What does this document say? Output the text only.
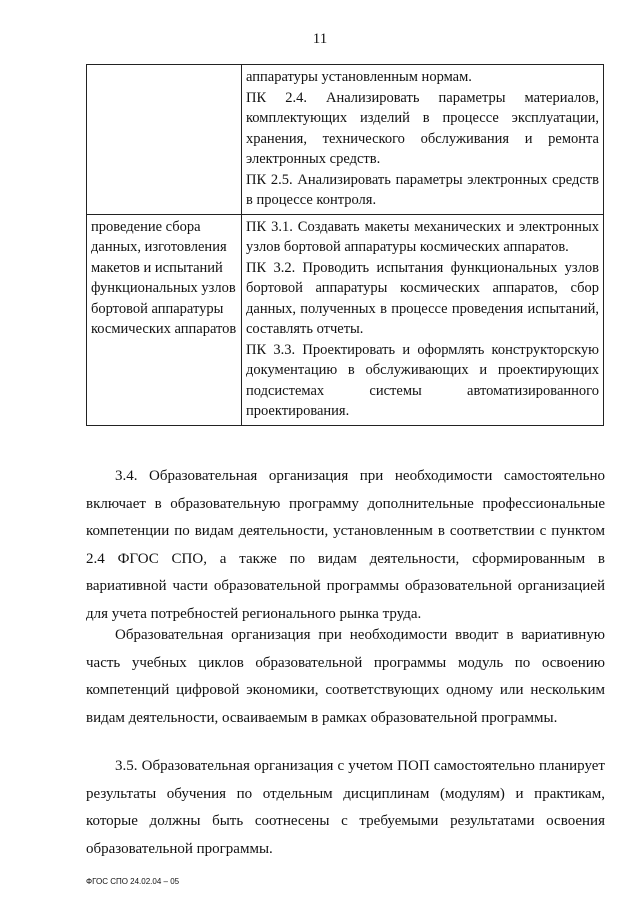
11

	аппаратуры установленным нормам.
ПК 2.4. Анализировать параметры материалов, комплектующих изделий в процессе эксплуатации, хранения, технического обслуживания и ремонта электронных средств.
ПК 2.5. Анализировать параметры электронных средств в процессе контроля.

проведение сбора данных, изготовления макетов и испытаний функциональных узлов бортовой аппаратуры космических аппаратов	ПК 3.1. Создавать макеты механических и электронных узлов бортовой аппаратуры космических аппаратов.
ПК 3.2. Проводить испытания функциональных узлов бортовой аппаратуры космических аппаратов, сбор данных, полученных в процессе проведения испытаний, составлять отчеты.
ПК 3.3. Проектировать и оформлять конструкторскую документацию в обслуживающих и проектирующих подсистемах системы автоматизированного проектирования.

3.4. Образовательная организация при необходимости самостоятельно включает в образовательную программу дополнительные профессиональные компетенции по видам деятельности, установленным в соответствии с пунктом 2.4 ФГОС СПО, а также по видам деятельности, сформированным в вариативной части образовательной программы образовательной организацией для учета потребностей регионального рынка труда.

Образовательная организация при необходимости вводит в вариативную часть учебных циклов образовательной программы модуль по освоению компетенций цифровой экономики, соответствующих одному или нескольким видам деятельности, осваиваемым в рамках образовательной программы.

3.5. Образовательная организация с учетом ПОП самостоятельно планирует результаты обучения по отдельным дисциплинам (модулям) и практикам, которые должны быть соотнесены с требуемыми результатами освоения образовательной программы.

ФГОС СПО 24.02.04 – 05
